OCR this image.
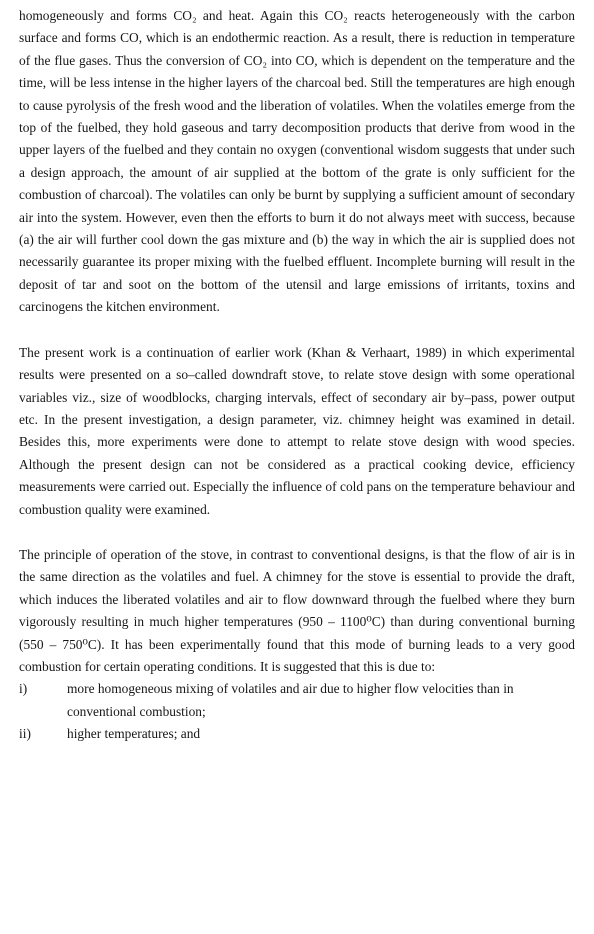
homogeneously and forms CO₂ and heat. Again this CO₂ reacts heterogeneously with the carbon surface and forms CO, which is an endothermic reaction. As a result, there is reduction in temperature of the flue gases. Thus the conversion of CO₂ into CO, which is dependent on the temperature and the time, will be less intense in the higher layers of the charcoal bed. Still the temperatures are high enough to cause pyrolysis of the fresh wood and the liberation of volatiles. When the volatiles emerge from the top of the fuelbed, they hold gaseous and tarry decomposition products that derive from wood in the upper layers of the fuelbed and they contain no oxygen (conventional wisdom suggests that under such a design approach, the amount of air supplied at the bottom of the grate is only sufficient for the combustion of charcoal). The volatiles can only be burnt by supplying a sufficient amount of secondary air into the system. However, even then the efforts to burn it do not always meet with success, because (a) the air will further cool down the gas mixture and (b) the way in which the air is supplied does not necessarily guarantee its proper mixing with the fuelbed effluent. Incomplete burning will result in the deposit of tar and soot on the bottom of the utensil and large emissions of irritants, toxins and carcinogens the kitchen environment.

The present work is a continuation of earlier work (Khan & Verhaart, 1989) in which experimental results were presented on a so–called downdraft stove, to relate stove design with some operational variables viz., size of woodblocks, charging intervals, effect of secondary air by–pass, power output etc. In the present investigation, a design parameter, viz. chimney height was examined in detail. Besides this, more experiments were done to attempt to relate stove design with wood species. Although the present design can not be considered as a practical cooking device, efficiency measurements were carried out. Especially the influence of cold pans on the temperature behaviour and combustion quality were examined.

The principle of operation of the stove, in contrast to conventional designs, is that the flow of air is in the same direction as the volatiles and fuel. A chimney for the stove is essential to provide the draft, which induces the liberated volatiles and air to flow downward through the fuelbed where they burn vigorously resulting in much higher temperatures (950 – 1100⁰C) than during conventional burning (550 – 750⁰C). It has been experimentally found that this mode of burning leads to a very good combustion for certain operating conditions. It is suggested that this is due to:

i)	more homogeneous mixing of volatiles and air due to higher flow velocities than in conventional combustion;
ii)	higher temperatures; and
